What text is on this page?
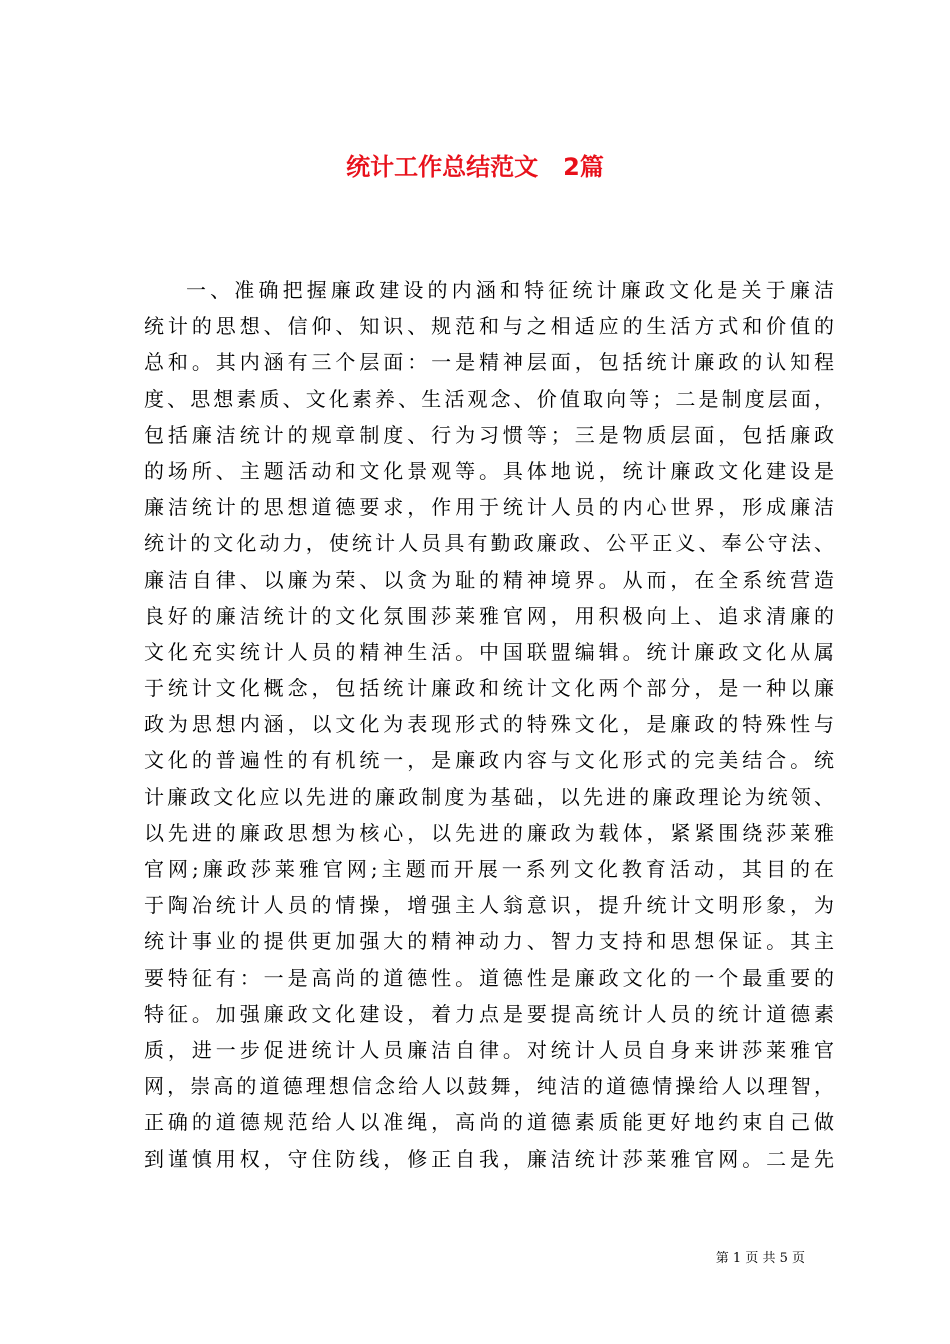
统计工作总结范文   2篇

一、准确把握廉政建设的内涵和特征统计廉政文化是关于廉洁
统计的思想、信仰、知识、规范和与之相适应的生活方式和价值的
总和。其内涵有三个层面：一是精神层面，包括统计廉政的认知程
度、思想素质、文化素养、生活观念、价值取向等；二是制度层面，
包括廉洁统计的规章制度、行为习惯等；三是物质层面，包括廉政
的场所、主题活动和文化景观等。具体地说，统计廉政文化建设是
廉洁统计的思想道德要求，作用于统计人员的内心世界，形成廉洁
统计的文化动力，使统计人员具有勤政廉政、公平正义、奉公守法、
廉洁自律、以廉为荣、以贪为耻的精神境界。从而，在全系统营造
良好的廉洁统计的文化氛围莎莱雅官网，用积极向上、追求清廉的
文化充实统计人员的精神生活。中国联盟编辑。统计廉政文化从属
于统计文化概念，包括统计廉政和统计文化两个部分，是一种以廉
政为思想内涵，以文化为表现形式的特殊文化，是廉政的特殊性与
文化的普遍性的有机统一，是廉政内容与文化形式的完美结合。统
计廉政文化应以先进的廉政制度为基础，以先进的廉政理论为统领、
以先进的廉政思想为核心，以先进的廉政为载体，紧紧围绕莎莱雅
官网;廉政莎莱雅官网;主题而开展一系列文化教育活动，其目的在
于陶冶统计人员的情操，增强主人翁意识，提升统计文明形象，为
统计事业的提供更加强大的精神动力、智力支持和思想保证。其主
要特征有：一是高尚的道德性。道德性是廉政文化的一个最重要的
特征。加强廉政文化建设，着力点是要提高统计人员的统计道德素
质，进一步促进统计人员廉洁自律。对统计人员自身来讲莎莱雅官
网，崇高的道德理想信念给人以鼓舞，纯洁的道德情操给人以理智，
正确的道德规范给人以准绳，高尚的道德素质能更好地约束自己做
到谨慎用权，守住防线，修正自我，廉洁统计莎莱雅官网。二是先

第 1 页 共 5 页
